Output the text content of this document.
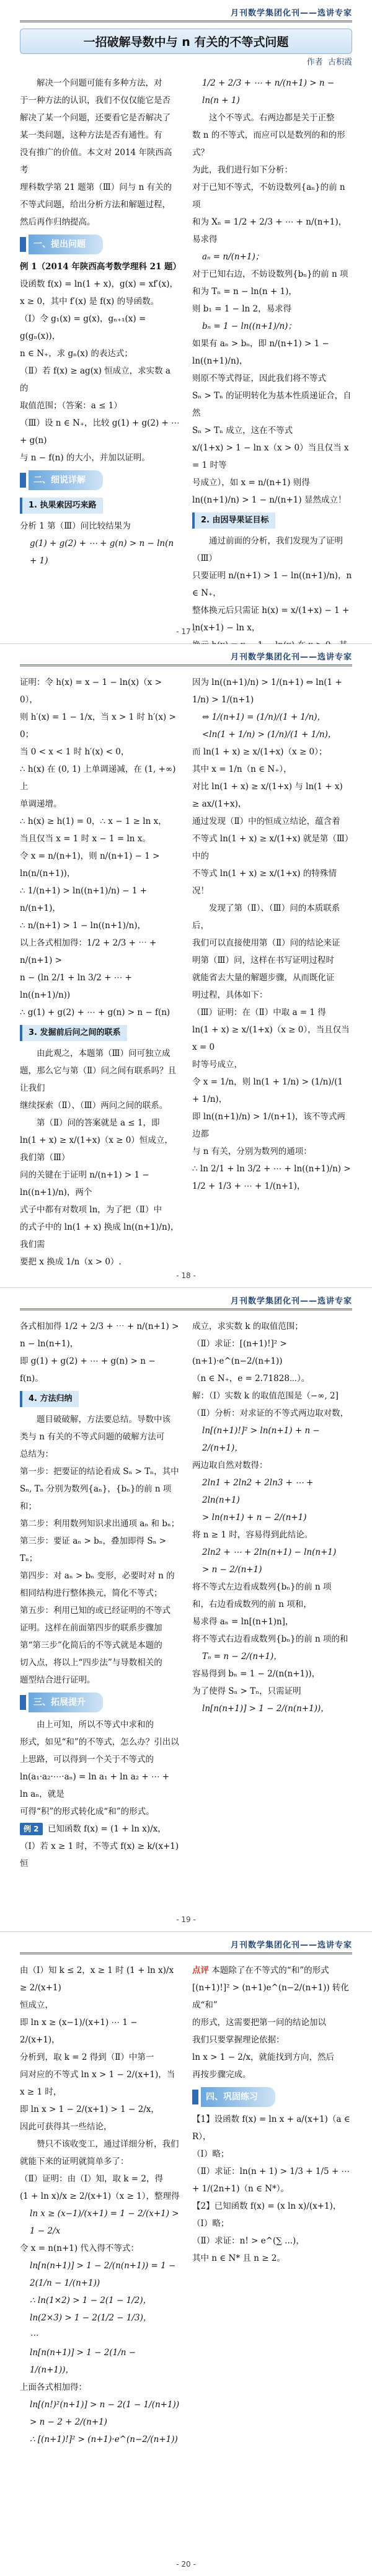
月刊数学集团化刊——选讲专家
一招破解导数中与 n 有关的不等式问题
作者 古积霞
解决一个问题可能有多种方法，对
于一种方法的认识，我们不仅仅能它是否
解决了某一个问题，还要看它是否解决了
某一类问题，这种方法是否有通性。有
没有推广的价值。本文对 2014 年陕西高考
理科数学第 21 题第（Ⅲ）问与 n 有关的
不等式问题，给出分析方法和解题过程，
然后再作归纳提高。
一、提出问题
例 1（2014 年陕西高考数学理科 21 题）
设函数 f(x) = ln(1 + x)，g(x) = xf′(x)，
x ≥ 0，其中 f′(x) 是 f(x) 的导函数。
（Ⅰ）令 g₁(x) = g(x)，gₙ₊₁(x) = g(gₙ(x))，
n ∈ N₊，求 gₙ(x) 的表达式；
（Ⅱ）若 f(x) ≥ ag(x) 恒成立，求实数 a 的
取值范围；（答案：a ≤ 1）
（Ⅲ）设 n ∈ N₊，比较 g(1) + g(2) + ⋯ + g(n)
与 n − f(n) 的大小，并加以证明。
二、细说详解
1. 执果索因巧来路
分析 1 第（Ⅲ）问比较结果为
g(1) + g(2) + ⋯ + g(n) > n − ln(n + 1)
1/2 + 2/3 + ⋯ + n/(n+1) > n − ln(n + 1)
这个不等式。右两边都是关于正整
数 n 的不等式，而应可以是数列的和的形式？
为此，我们进行如下分析：
对于已知不等式，不妨设数列{aₙ}的前 n 项
和为 Xₙ = 1/2 + 2/3 + ⋯ + n/(n+1)，易求得
aₙ = n/(n+1)；
对于已知右边，不妨设数列{bₙ}的前 n 项
和为 Tₙ = n − ln(n + 1)，
则 b₁ = 1 − ln 2，易求得
bₙ = 1 − ln((n+1)/n)；
如果有 aₙ > bₙ，即 n/(n+1) > 1 − ln((n+1)/n)，
则原不等式得证，因此我们将不等式
Sₙ > Tₙ 的证明转化为基本性质递证合，自然
Sₙ > Tₙ 成立，这在不等式
x/(1+x) > 1 − ln x（x > 0）当且仅当 x = 1 时等
号成立），如 x = n/(n+1) 则得
ln((n+1)/n) > 1 − n/(n+1) 显然成立！
2. 由因导果证目标
通过前面的分析，我们发现为了证明（Ⅲ）
只要证明 n/(n+1) > 1 − ln((n+1)/n)，n ∈ N₊，
整体换元后只需证 h(x) = x/(1+x) − 1 + ln(x+1) − ln x，
- 17 -
月刊数学集团化刊——选讲专家
证明：令 h(x) = x − 1 − ln(x)（x > 0），
则 h′(x) = 1 − 1/x，当 x > 1 时 h′(x) > 0；
当 0 < x < 1 时 h′(x) < 0，
∴ h(x) 在 (0, 1) 上单调递减，在 (1, +∞) 上
单调递增。
∴ h(x) ≥ h(1) = 0，∴ x − 1 ≥ ln x，
当且仅当 x = 1 时 x − 1 = ln x。
令 x = n/(n+1)，则 n/(n+1) − 1 > ln(n/(n+1))，
∴ 1/(n+1) > ln((n+1)/n) − 1 + n/(n+1)，
∴ n/(n+1) > 1 − ln((n+1)/n)，
以上各式相加得：1/2 + 2/3 + ⋯ + n/(n+1) >
n − (ln 2/1 + ln 3/2 + ⋯ + ln((n+1)/n))
∴ g(1) + g(2) + ⋯ + g(n) > n − f(n)
3. 发掘前后问之间的联系
由此观之，本题第（Ⅲ）问可独立成
题，那么它与第（Ⅱ）问之间有联系吗？且让我们
继续探索（Ⅱ）、（Ⅲ）两问之间的联系。
第（Ⅱ）问的答案就是 a ≤ 1，即
ln(1 + x) ≥ x/(1+x)（x ≥ 0）恒成立，我们第（Ⅲ）
问的关键在于证明 n/(n+1) > 1 − ln((n+1)/n)，两个
式子中都有对数项 ln，为了把（Ⅱ）中
的式子中的 ln(1 + x) 换成 ln((n+1)/n)，我们需
要把 x 换成 1/n（x > 0）.
因为 ln((n+1)/n) > 1/(n+1) ⇔ ln(1 + 1/n) > 1/(n+1)
⇔ 1/(n+1) = (1/n)/(1 + 1/n)，
<ln(1 + 1/n) > (1/n)/(1 + 1/n)，
而 ln(1 + x) ≥ x/(1+x)（x ≥ 0）；
其中 x = 1/n（n ∈ N₊），
对比 ln(1 + x) ≥ x/(1+x) 与 ln(1 + x) ≥ ax/(1+x)，
通过发现（Ⅱ）中的恒成立结论，蕴含着
不等式 ln(1 + x) ≥ x/(1+x) 就是第（Ⅲ）中的
不等式 ln(1 + x) ≥ x/(1+x) 的特殊情况！
发现了第（Ⅱ）、（Ⅲ）问的本质联系后，
我们可以直接使用第（Ⅱ）问的结论来证
明第（Ⅲ）问，这样在书写证明过程时
就能省去大量的解题步骤，从而既化证
明过程，具体如下：
（Ⅲ）证明：在（Ⅱ）中取 a = 1 得
ln(1 + x) ≥ x/(1+x)（x ≥ 0），当且仅当 x = 0
时等号成立，
令 x = 1/n，则 ln(1 + 1/n) > (1/n)/(1 + 1/n)，
即 ln((n+1)/n) > 1/(n+1)，该不等式两边都
与 n 有关，分别为数列的通项：
∴ ln 2/1 + ln 3/2 + ⋯ + ln((n+1)/n) > 1/2 + 1/3 + ⋯ + 1/(n+1)，
- 18 -
月刊数学集团化刊——选讲专家
各式相加得 1/2 + 2/3 + ⋯ + n/(n+1) > n − ln(n+1)，
即 g(1) + g(2) + ⋯ + g(n) > n − f(n)。
4. 方法归纳
题目破破解，方法要总结。导数中该
类与 n 有关的不等式问题的破解方法可
总结为：
第一步：把要证的结论看成 Sₙ > Tₙ，其中
Sₙ, Tₙ 分别为数列{aₙ}，{bₙ}的前 n 项和；
第二步：利用数列知识求出通项 aₙ 和 bₙ；
第三步：要证 aₙ > bₙ，叠加即得 Sₙ > Tₙ；
第四步：对 aₙ > bₙ 变形，必要时对 n 的
相同结构进行整体换元，简化不等式；
第五步：利用已知的或已经证明的不等式
证明。这样在前面第四步的联系步骤加
第“第三步”化简后的不等式就是本题的
切入点，将以上“四步法”与导数相关的
题型结合进行证明。
三、拓展提升
由上可知，所以不等式中求和的
形式，如见“和”的不等式，怎么办？引出以
上思路，可以得到一个关于不等式的
ln(a₁·a₂·⋯·aₙ) = ln a₁ + ln a₂ + ⋯ + ln aₙ，就是
可得“积”的形式转化成“和”的形式。
例 2 已知函数 f(x) = (1 + ln x)/x，
（Ⅰ）若 x ≥ 1 时，不等式 f(x) ≥ k/(x+1) 恒
成立，求实数 k 的取值范围；
（Ⅱ）求证：[(n+1)!]² > (n+1)·e^(n−2/(n+1))
（n ∈ N₊，e = 2.71828⋯）。
解：（Ⅰ）实数 k 的取值范围是（−∞, 2]
（Ⅱ）分析：对求证的不等式两边取对数，
ln[(n+1)!]² > ln(n+1) + n − 2/(n+1)，
两边取自然对数得：
2ln1 + 2ln2 + 2ln3 + ⋯ + 2ln(n+1)
> ln(n+1) + n − 2/(n+1)
将 n ≥ 1 时，容易得到此结论。
2ln2 + ⋯ + 2ln(n+1) − ln(n+1)
> n − 2/(n+1)
将不等式左边看成数列{bₙ}的前 n 项
和，右边看成数列的前 n 项和，
易求得 aₙ = ln[(n+1)n]，
将不等式右边看成数列{bₙ}的前 n 项的和
Tₙ = n − 2/(n+1)，
容易得到 bₙ = 1 − 2/(n(n+1))，
为了使得 Sₙ > Tₙ，只需证明
ln[n(n+1)] > 1 − 2/(n(n+1))，
- 19 -
月刊数学集团化刊——选讲专家
由（Ⅰ）知 k ≤ 2，x ≥ 1 时 (1 + ln x)/x ≥ 2/(x+1)
恒成立，
即 ln x ≥ (x−1)/(x+1) ⋯ 1 − 2/(x+1)，
分析到，取 k = 2 得到（Ⅱ）中第一
问对应的不等式 ln x > 1 − 2/(x+1)，当 x ≥ 1 时，
即 ln x > 1 − 2/(x+1) > 1 − 2/x，
因此可获得其一些结论，
赞只不该收变工，通过详细分析，我们
就能下来的证明就简单多了：
（Ⅱ）证明：由（Ⅰ）知，取 k = 2，得
(1 + ln x)/x ≥ 2/(x+1)（x ≥ 1），整理得
ln x ≥ (x−1)/(x+1) = 1 − 2/(x+1) > 1 − 2/x
令 x = n(n+1) 代入得不等式：
ln[n(n+1)] > 1 − 2/(n(n+1)) = 1 − 2(1/n − 1/(n+1))
∴ ln(1×2) > 1 − 2(1 − 1/2)，
ln(2×3) > 1 − 2(1/2 − 1/3)，
⋯
ln[n(n+1)] > 1 − 2(1/n − 1/(n+1))，
上面各式相加得：
ln[(n!)²(n+1)] > n − 2(1 − 1/(n+1)) > n − 2 + 2/(n+1)
∴ [(n+1)!]² > (n+1)·e^(n−2/(n+1))
点评 本题除了在不等式的“和”的形式
[(n+1)!]² > (n+1)e^(n−2/(n+1)) 转化成“和”
的形式，这需要把第一问的结论加以
我们只要掌握理论依据：
ln x > 1 − 2/x，就能找到方向，然后
再按步骤完成。
四、巩固练习
【1】设函数 f(x) = ln x + a/(x+1)（a ∈ R），
（Ⅰ）略；
（Ⅱ）求证：ln(n + 1) > 1/3 + 1/5 + ⋯ + 1/(2n+1)（n ∈ N*）。
【2】已知函数 f(x) = (x ln x)/(x+1)，
（Ⅰ）略；
（Ⅱ）求证：n! > e^(∑ ...)，
其中 n ∈ N* 且 n ≥ 2。
- 20 -
